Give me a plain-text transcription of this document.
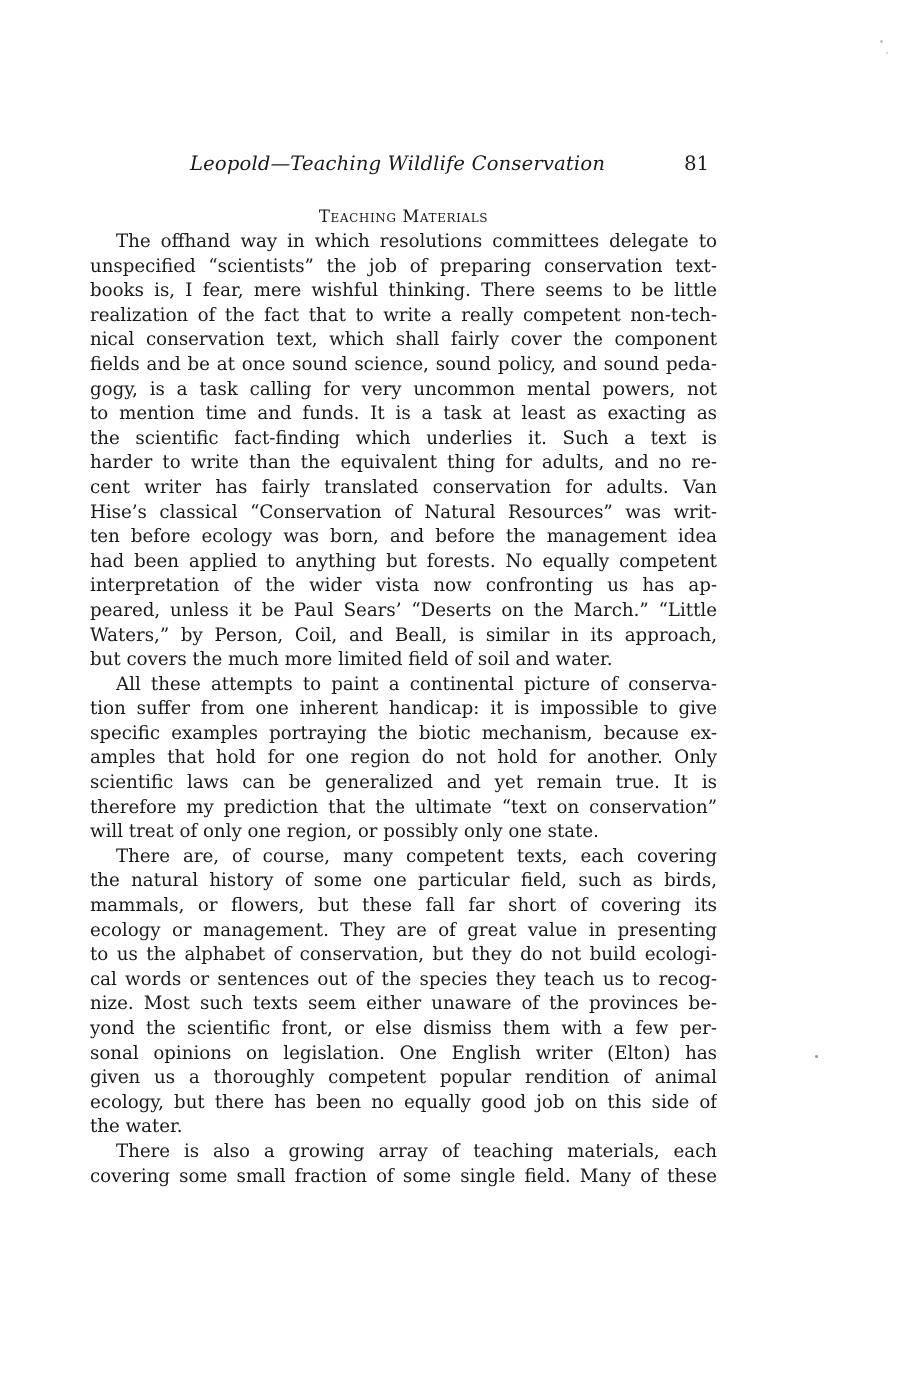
Leopold—Teaching Wildlife Conservation	81
Teaching Materials
The offhand way in which resolutions committees delegate to
unspecified “scientists” the job of preparing conservation text-
books is, I fear, mere wishful thinking. There seems to be little
realization of the fact that to write a really competent non-tech-
nical conservation text, which shall fairly cover the component
fields and be at once sound science, sound policy, and sound peda-
gogy, is a task calling for very uncommon mental powers, not
to mention time and funds. It is a task at least as exacting as
the scientific fact-finding which underlies it. Such a text is
harder to write than the equivalent thing for adults, and no re-
cent writer has fairly translated conservation for adults. Van
Hise’s classical “Conservation of Natural Resources” was writ-
ten before ecology was born, and before the management idea
had been applied to anything but forests. No equally competent
interpretation of the wider vista now confronting us has ap-
peared, unless it be Paul Sears’ “Deserts on the March.” “Little
Waters,” by Person, Coil, and Beall, is similar in its approach,
but covers the much more limited field of soil and water.
All these attempts to paint a continental picture of conserva-
tion suffer from one inherent handicap: it is impossible to give
specific examples portraying the biotic mechanism, because ex-
amples that hold for one region do not hold for another. Only
scientific laws can be generalized and yet remain true. It is
therefore my prediction that the ultimate “text on conservation”
will treat of only one region, or possibly only one state.
There are, of course, many competent texts, each covering
the natural history of some one particular field, such as birds,
mammals, or flowers, but these fall far short of covering its
ecology or management. They are of great value in presenting
to us the alphabet of conservation, but they do not build ecologi-
cal words or sentences out of the species they teach us to recog-
nize. Most such texts seem either unaware of the provinces be-
yond the scientific front, or else dismiss them with a few per-
sonal opinions on legislation. One English writer (Elton) has
given us a thoroughly competent popular rendition of animal
ecology, but there has been no equally good job on this side of
the water.
There is also a growing array of teaching materials, each
covering some small fraction of some single field. Many of these
